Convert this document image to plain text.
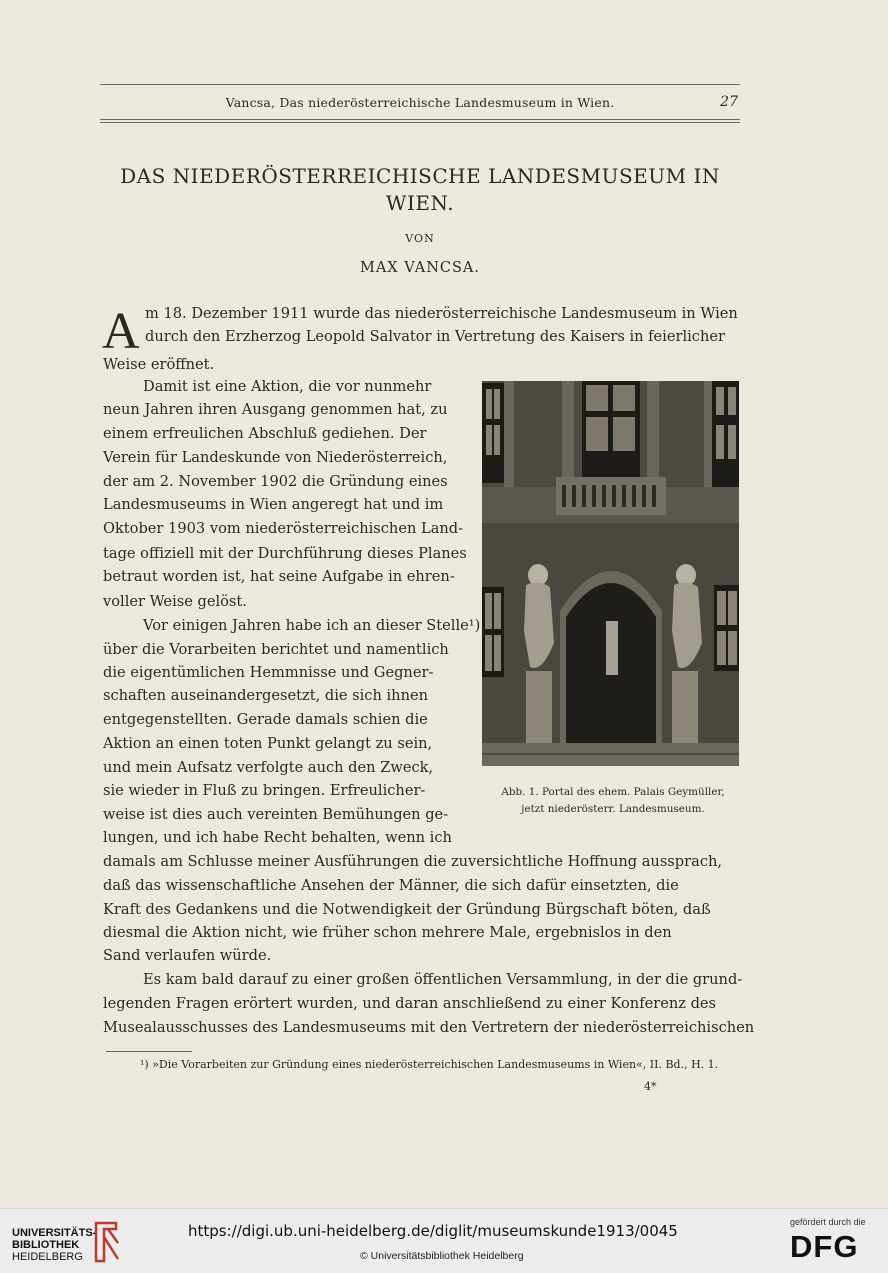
Vancsa, Das niederösterreichische Landesmuseum in Wien.	27
DAS NIEDERÖSTERREICHISCHE LANDESMUSEUM IN
WIEN.
VON
MAX VANCSA.
A m 18. Dezember 1911 wurde das niederösterreichische Landesmuseum in Wien
durch den Erzherzog Leopold Salvator in Vertretung des Kaisers in feierlicher
Weise eröffnet.
Damit ist eine Aktion, die vor nunmehr
neun Jahren ihren Ausgang genommen hat, zu
einem erfreulichen Abschluß gediehen. Der
Verein für Landeskunde von Niederösterreich,
der am 2. November 1902 die Gründung eines
Landesmuseums in Wien angeregt hat und im
Oktober 1903 vom niederösterreichischen Land-
tage offiziell mit der Durchführung dieses Planes
betraut worden ist, hat seine Aufgabe in ehren-
voller Weise gelöst.
Vor einigen Jahren habe ich an dieser Stelle¹)
über die Vorarbeiten berichtet und namentlich
die eigentümlichen Hemmnisse und Gegner-
schaften auseinandergesetzt, die sich ihnen
entgegenstellten. Gerade damals schien die
Aktion an einen toten Punkt gelangt zu sein,
und mein Aufsatz verfolgte auch den Zweck,
sie wieder in Fluß zu bringen. Erfreulicher-
weise ist dies auch vereinten Bemühungen ge-
lungen, und ich habe Recht behalten, wenn ich
damals am Schlusse meiner Ausführungen die zuversichtliche Hoffnung aussprach,
daß das wissenschaftliche Ansehen der Männer, die sich dafür einsetzten, die
Kraft des Gedankens und die Notwendigkeit der Gründung Bürgschaft böten, daß
diesmal die Aktion nicht, wie früher schon mehrere Male, ergebnislos in den
Sand verlaufen würde.
Es kam bald darauf zu einer großen öffentlichen Versammlung, in der die grund-
legenden Fragen erörtert wurden, und daran anschließend zu einer Konferenz des
Musealausschusses des Landesmuseums mit den Vertretern der niederösterreichischen
Abb. 1. Portal des ehem. Palais Geymüller,
jetzt niederösterr. Landesmuseum.
¹) »Die Vorarbeiten zur Gründung eines niederösterreichischen Landesmuseums in Wien«, II. Bd., H. 1.
4*
UNIVERSITÄTS-
BIBLIOTHEK
HEIDELBERG
https://digi.ub.uni-heidelberg.de/diglit/museumskunde1913/0045
© Universitätsbibliothek Heidelberg
gefördert durch die
DFG
